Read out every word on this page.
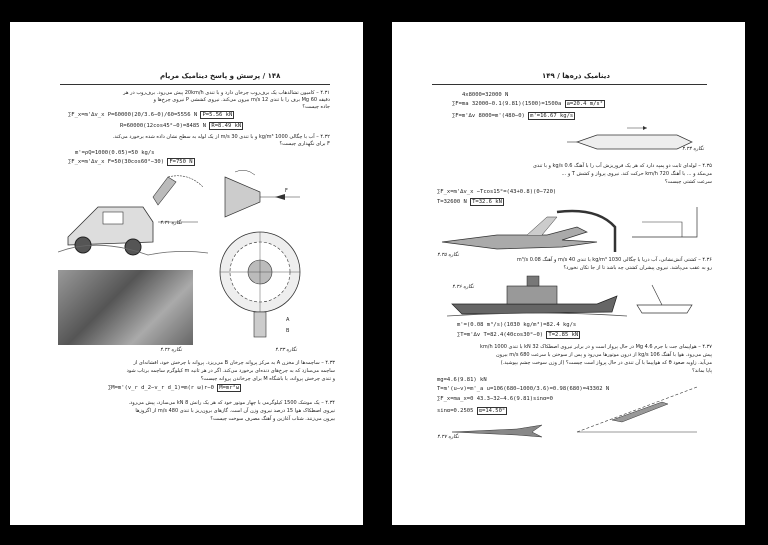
۱۴۸ / پرسش و پاسخ دینامیک مریام
۴.۳۱ – کامیون تشالدهاب یک برف‌روب چرخان دارد و با تندی 20km/h پیش می‌رود. برف‌روب در هر
دقیقه 60 Mg برف را با تندی 12 m/s بیرون می‌کند. نیروی کششی P نیروی چرخ‌ها و
جاده چیست؟
∑F_x=m'∆v_x P=60000(20/3.6−0)/60=5556 N P=5.56 kN
R=60000(12cos45°−0)=8485 N R=8.49 kN
۴.۳۲ – آب با چگالی 1000 kg/m³ و با تندی 30 m/s از یک لوله به سطح نشان داده شده برخورد می‌کند.
F برای نگهداری چیست؟
m'=ρQ=1000(0.05)=50 kg/s
∑F_x=m'∆v_x F=50(30cos60°−30) F=750 N
نگاره ۴.۳۱
F
A
B
نگاره ۴.۳۲	نگاره ۴.۳۳
۴.۳۳ – ساچمه‌ها از مخزن A به مرکز پروانه چرخان B می‌ریزد. پروانه با چرخش خود، افشانه‌ای از
ساچمه می‌سازد که به چرخ‌های دنده‌ای برخورد می‌کند. اگر در هر ثانیه m کیلوگرم ساچمه برتاب شود
و تندی چرخش پروانه، با باشگاه M برای چرخاندن پروانه چیست؟
∑M=m'(v_r d_2−v_r d_1)=m(r ω)r−0 M=mr²ω
۴.۳۴ – یک موشک 1500 کیلوگرمی با چهار موتور خود که هر یک رانش 8 kN می‌سازد، پیش می‌رود.
نیروی اصطکاک هوا 15 درصد نیروی وزن آن است. گازهای برون‌ریز با تندی 480 m/s از اگزوزها
بیرون می‌زنند. شتاب آغازین و آهنگ مصرف سوخت چیست؟
دینامیک ذره‌ها / ۱۴۹
4x8000=32000 N
∑F=ma 32000−0.1(9.81)(1500)=1500a a=20.4 m/s²
∑F=m'∆v 8000=m'(480−0) m'=16.67 kg/s
نگاره ۴.۳۴
۴.۳۵ – لوله‌ای ثابت دو پمپه دارد که هر یک فروریزش آب را با آهنگ 0.6 kg/s و با تندی
می‌مکد و ... با آهنگ 720 km/h حرکت کند. نیروی پرواز و کشش T و ...
سرعت کشتی چیست؟
∑F_x=m'∆v_x −Tcos15°=(43+0.8)(0−720)
T=32600 N T=32.6 kN
نگاره ۴.۳۵
۴.۳۶ – کشتی آتش‌نشانی، آب دریا با چگالی 1030 kg/m³ با تندی 40 m/s و آهنگ 0.08 m³/s
رو به عقب می‌پاشد. نیروی پیشران کشتی چه باشد تا از جا تکان نخورد؟
نگاره ۴.۳۶
m'=(0.08 m³/s)(1030 kg/m³)=82.4 kg/s
∑T=m'∆v T=82.4(40cos30°−0) T=2.85 kN
۴.۳۷ – هواپیمای جت با جرم 4.6 Mg در حال پرواز است و در برابر نیروی اصطکاک 32 kN با تندی 1000 km/h
پیش می‌رود. هوا با آهنگ 106 kg/s از درون موتورها می‌رود و پس از سوختن با سرعت 680 m/s بیرون
می‌آید. زاویه صعود θ که هواپیما با آن تندی در حال پرواز است چیست؟ (از وزن سوخت چشم بپوشید.)
پایا بماند؟
mg=4.6(9.81) kN
T=m'(u−v)=m'_a u=106(680−1000/3.6)=0.98(680)=43302 N
∑F_x=ma_x=0 43.3−32−4.6(9.81)sinα=0
sinα=0.2505 α=14.50°
نگاره ۴.۳۷
